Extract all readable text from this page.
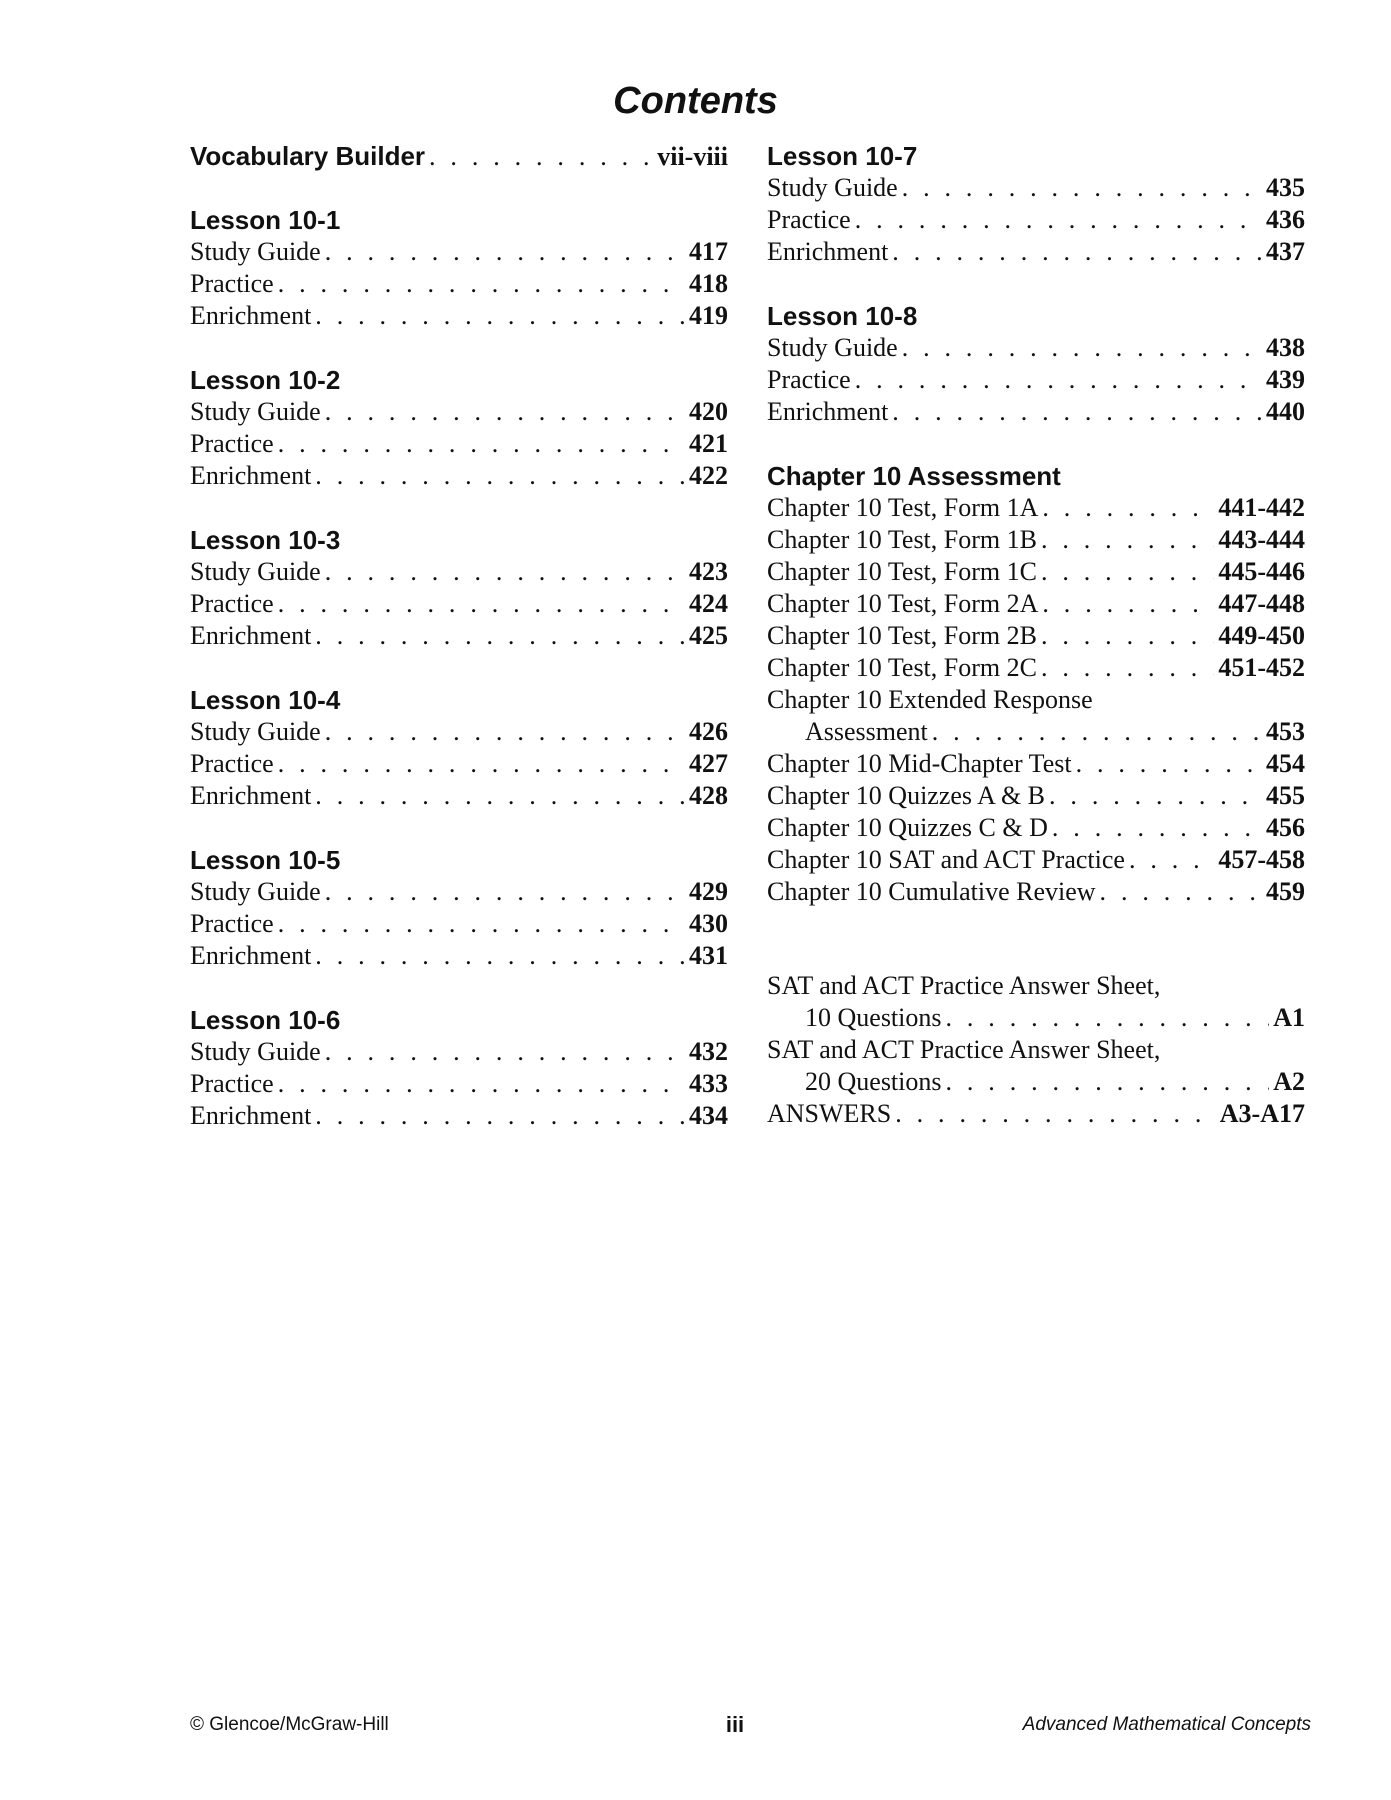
Contents
Vocabulary Builder . . .	vii-viii
Lesson 10-1
Study Guide . . .	417
Practice . . .	418
Enrichment . . .	419
Lesson 10-2
Study Guide . . .	420
Practice . . .	421
Enrichment . . .	422
Lesson 10-3
Study Guide . . .	423
Practice . . .	424
Enrichment . . .	425
Lesson 10-4
Study Guide . . .	426
Practice . . .	427
Enrichment . . .	428
Lesson 10-5
Study Guide . . .	429
Practice . . .	430
Enrichment . . .	431
Lesson 10-6
Study Guide . . .	432
Practice . . .	433
Enrichment . . .	434
Lesson 10-7
Study Guide . . .	435
Practice . . .	436
Enrichment . . .	437
Lesson 10-8
Study Guide . . .	438
Practice . . .	439
Enrichment . . .	440
Chapter 10 Assessment
Chapter 10 Test, Form 1A . . .	441-442
Chapter 10 Test, Form 1B . . .	443-444
Chapter 10 Test, Form 1C . . .	445-446
Chapter 10 Test, Form 2A . . .	447-448
Chapter 10 Test, Form 2B . . .	449-450
Chapter 10 Test, Form 2C . . .	451-452
Chapter 10 Extended Response
Assessment . . .	453
Chapter 10 Mid-Chapter Test . . .	454
Chapter 10 Quizzes A & B . . .	455
Chapter 10 Quizzes C & D . . .	456
Chapter 10 SAT and ACT Practice . . .	457-458
Chapter 10 Cumulative Review . . .	459
SAT and ACT Practice Answer Sheet,
10 Questions . . .	A1
SAT and ACT Practice Answer Sheet,
20 Questions . . .	A2
ANSWERS . . .	A3-A17
© Glencoe/McGraw-Hill	iii	Advanced Mathematical Concepts
